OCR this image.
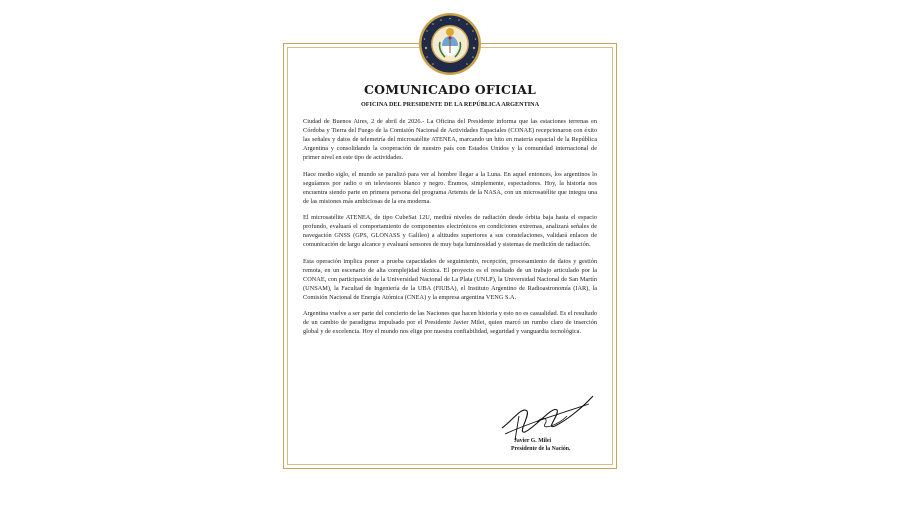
COMUNICADO OFICIAL
OFICINA DEL PRESIDENTE DE LA REPÚBLICA ARGENTINA

Ciudad de Buenos Aires, 2 de abril de 2026.- La Oficina del Presidente informa que las estaciones terrenas en Córdoba y Tierra del Fuego de la Comisión Nacional de Actividades Espaciales (CONAE) recepcionaron con éxito las señales y datos de telemetría del microsatélite ATENEA, marcando un hito en materia espacial de la República Argentina y consolidando la cooperación de nuestro país con Estados Unidos y la comunidad internacional de primer nivel en este tipo de actividades.

Hace medio siglo, el mundo se paralizó para ver al hombre llegar a la Luna. En aquel entonces, los argentinos lo seguíamos por radio o en televisores blanco y negro. Éramos, simplemente, espectadores. Hoy, la historia nos encuentra siendo parte en primera persona del programa Artemis de la NASA, con un microsatélite que integra una de las misiones más ambiciosas de la era moderna.

El microsatélite ATENEA, de tipo CubeSat 12U, medirá niveles de radiación desde órbita baja hasta el espacio profundo, evaluará el comportamiento de componentes electrónicos en condiciones extremas, analizará señales de navegación GNSS (GPS, GLONASS y Galileo) a altitudes superiores a sus constelaciones, validará enlaces de comunicación de largo alcance y evaluará sensores de muy baja luminosidad y sistemas de medición de radiación.

Esta operación implica poner a prueba capacidades de seguimiento, recepción, procesamiento de datos y gestión remota, en un escenario de alta complejidad técnica. El proyecto es el resultado de un trabajo articulado por la CONAE, con participación de la Universidad Nacional de La Plata (UNLP), la Universidad Nacional de San Martín (UNSAM), la Facultad de Ingeniería de la UBA (FIUBA), el Instituto Argentino de Radioastronomía (IAR), la Comisión Nacional de Energía Atómica (CNEA) y la empresa argentina VENG S.A.

Argentina vuelve a ser parte del concierto de las Naciones que hacen historia y esto no es casualidad. Es el resultado de un cambio de paradigma impulsado por el Presidente Javier Milei, quien marcó un rumbo claro de inserción global y de excelencia. Hoy el mundo nos elige por nuestra confiabilidad, seguridad y vanguardia tecnológica.

Javier G. Milei
Presidente de la Nación.
